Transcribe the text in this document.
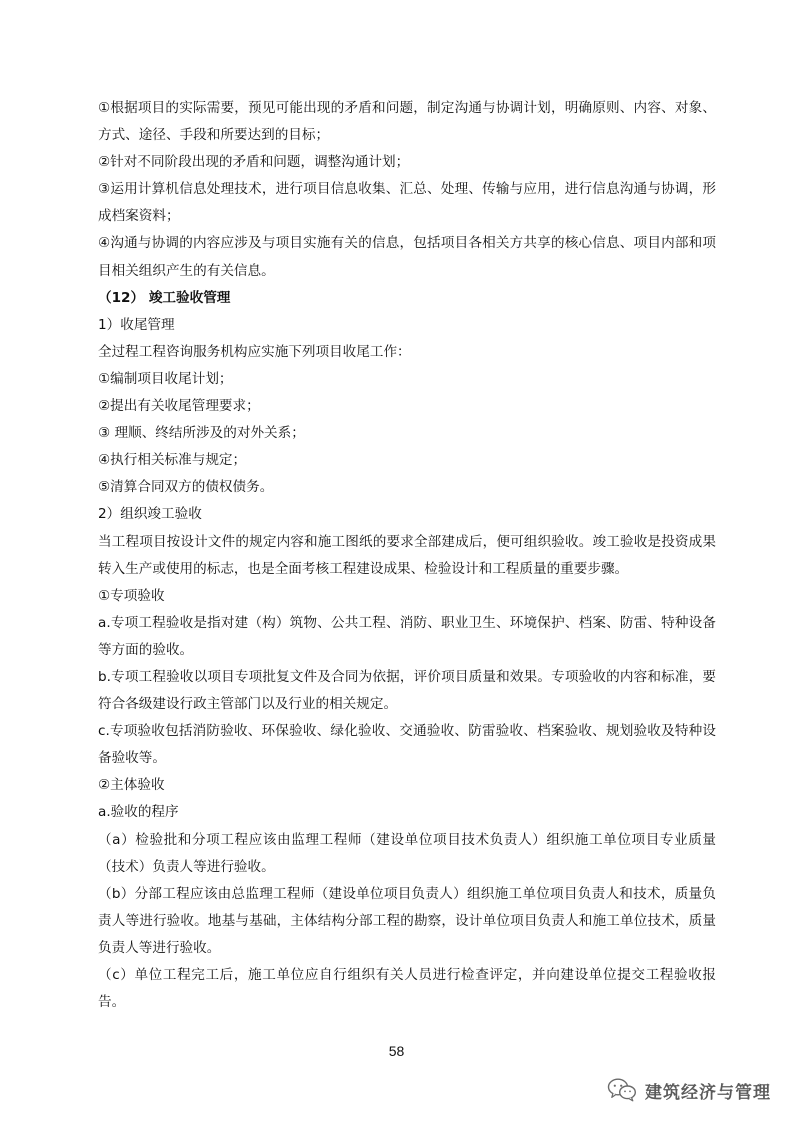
①根据项目的实际需要，预见可能出现的矛盾和问题，制定沟通与协调计划，明确原则、内容、对象、方式、途径、手段和所要达到的目标；

②针对不同阶段出现的矛盾和问题，调整沟通计划；

③运用计算机信息处理技术，进行项目信息收集、汇总、处理、传输与应用，进行信息沟通与协调，形成档案资料；

④沟通与协调的内容应涉及与项目实施有关的信息，包括项目各相关方共享的核心信息、项目内部和项目相关组织产生的有关信息。

（12） 竣工验收管理

1）收尾管理

全过程工程咨询服务机构应实施下列项目收尾工作：

①编制项目收尾计划；

②提出有关收尾管理要求；

③ 理顺、终结所涉及的对外关系；

④执行相关标准与规定；

⑤清算合同双方的债权债务。

2）组织竣工验收

当工程项目按设计文件的规定内容和施工图纸的要求全部建成后，便可组织验收。竣工验收是投资成果转入生产或使用的标志，也是全面考核工程建设成果、检验设计和工程质量的重要步骤。

①专项验收

a.专项工程验收是指对建（构）筑物、公共工程、消防、职业卫生、环境保护、档案、防雷、特种设备等方面的验收。

b.专项工程验收以项目专项批复文件及合同为依据，评价项目质量和效果。专项验收的内容和标准，要符合各级建设行政主管部门以及行业的相关规定。

c.专项验收包括消防验收、环保验收、绿化验收、交通验收、防雷验收、档案验收、规划验收及特种设备验收等。

②主体验收

a.验收的程序

（a）检验批和分项工程应该由监理工程师（建设单位项目技术负责人）组织施工单位项目专业质量（技术）负责人等进行验收。

（b）分部工程应该由总监理工程师（建设单位项目负责人）组织施工单位项目负责人和技术，质量负责人等进行验收。地基与基础，主体结构分部工程的勘察，设计单位项目负责人和施工单位技术，质量负责人等进行验收。

（c）单位工程完工后，施工单位应自行组织有关人员进行检查评定，并向建设单位提交工程验收报告。

58
建筑经济与管理
